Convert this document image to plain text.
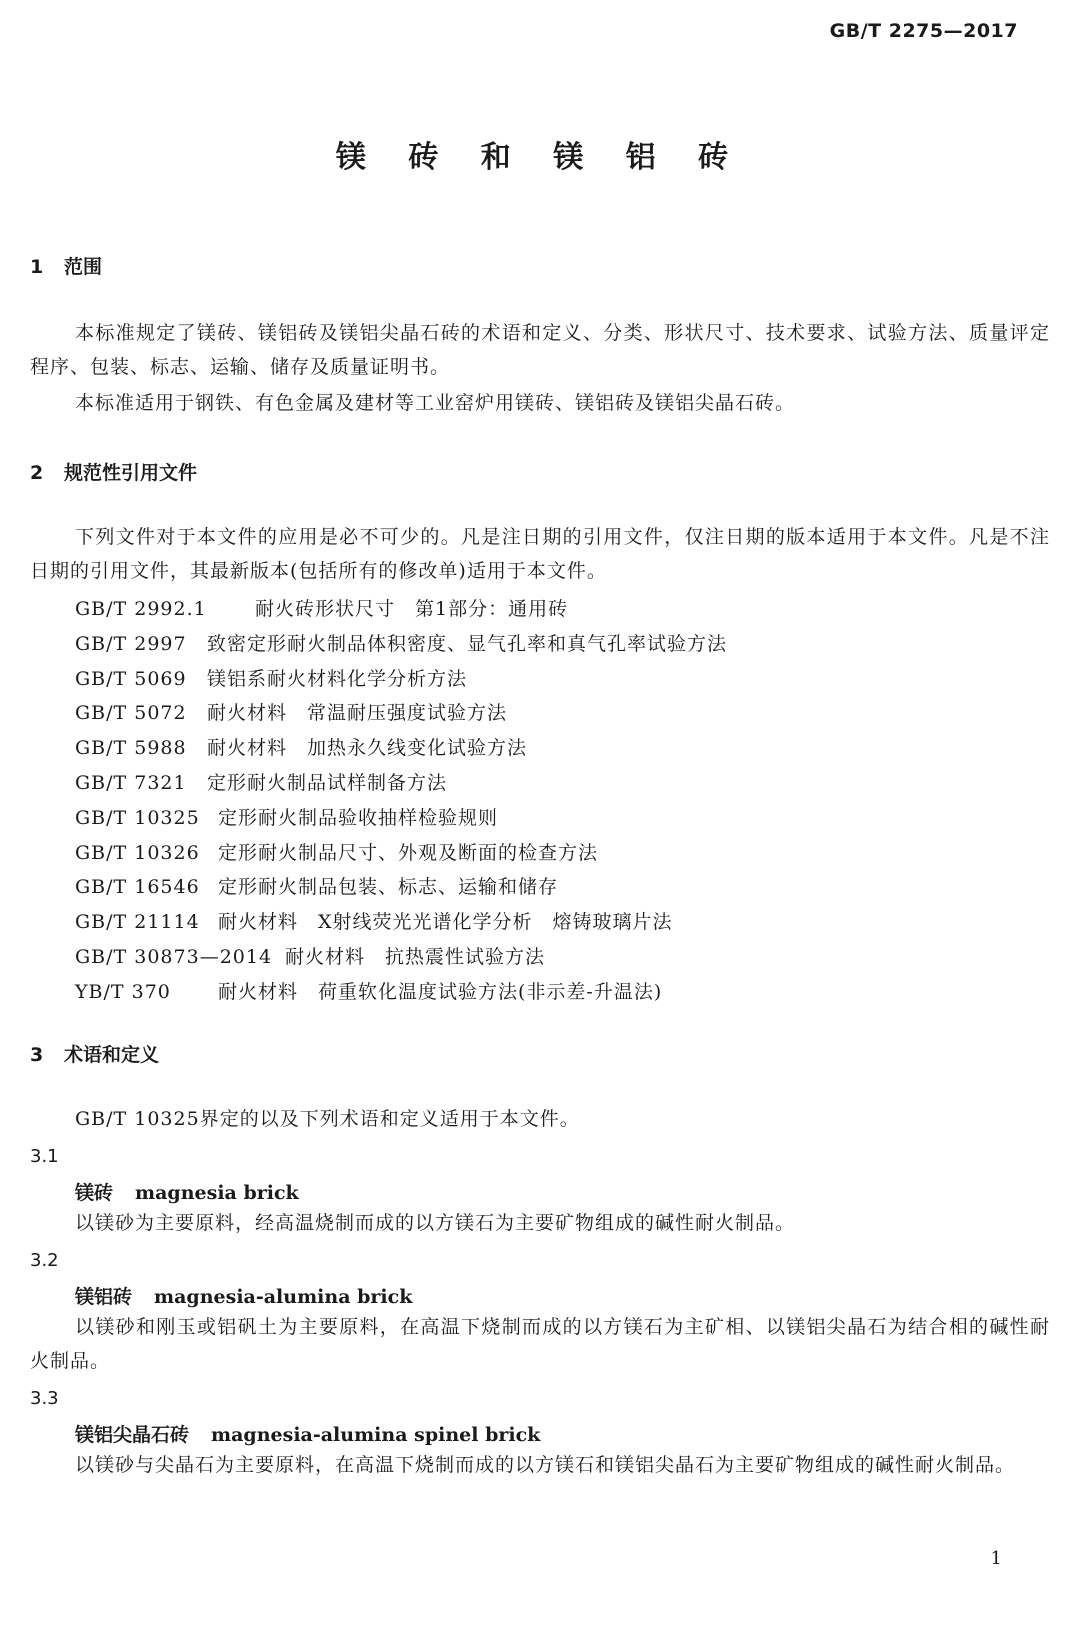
GB/T 2275—2017
镁 砖 和 镁 铝 砖
1 范围

本标准规定了镁砖、镁铝砖及镁铝尖晶石砖的术语和定义、分类、形状尺寸、技术要求、试验方法、质量评定程序、包装、标志、运输、储存及质量证明书。

本标准适用于钢铁、有色金属及建材等工业窑炉用镁砖、镁铝砖及镁铝尖晶石砖。

2 规范性引用文件

下列文件对于本文件的应用是必不可少的。凡是注日期的引用文件，仅注日期的版本适用于本文件。凡是不注日期的引用文件，其最新版本(包括所有的修改单)适用于本文件。

GB/T 2992.1	耐火砖形状尺寸　第1部分：通用砖
GB/T 2997 致密定形耐火制品体积密度、显气孔率和真气孔率试验方法
GB/T 5069 镁铝系耐火材料化学分析方法
GB/T 5072 耐火材料　常温耐压强度试验方法
GB/T 5988 耐火材料　加热永久线变化试验方法
GB/T 7321 定形耐火制品试样制备方法
GB/T 10325 定形耐火制品验收抽样检验规则
GB/T 10326 定形耐火制品尺寸、外观及断面的检查方法
GB/T 16546 定形耐火制品包装、标志、运输和储存
GB/T 21114 耐火材料　X射线荧光光谱化学分析　熔铸玻璃片法
GB/T 30873—2014 耐火材料　抗热震性试验方法
YB/T 370 耐火材料　荷重软化温度试验方法(非示差-升温法)
3 术语和定义

GB/T 10325界定的以及下列术语和定义适用于本文件。

3.1
镁砖 magnesia brick

以镁砂为主要原料，经高温烧制而成的以方镁石为主要矿物组成的碱性耐火制品。

3.2
镁铝砖 magnesia-alumina brick

以镁砂和刚玉或铝矾土为主要原料，在高温下烧制而成的以方镁石为主矿相、以镁铝尖晶石为结合相的碱性耐火制品。

3.3
镁铝尖晶石砖 magnesia-alumina spinel brick

以镁砂与尖晶石为主要原料，在高温下烧制而成的以方镁石和镁铝尖晶石为主要矿物组成的碱性耐火制品。

1
